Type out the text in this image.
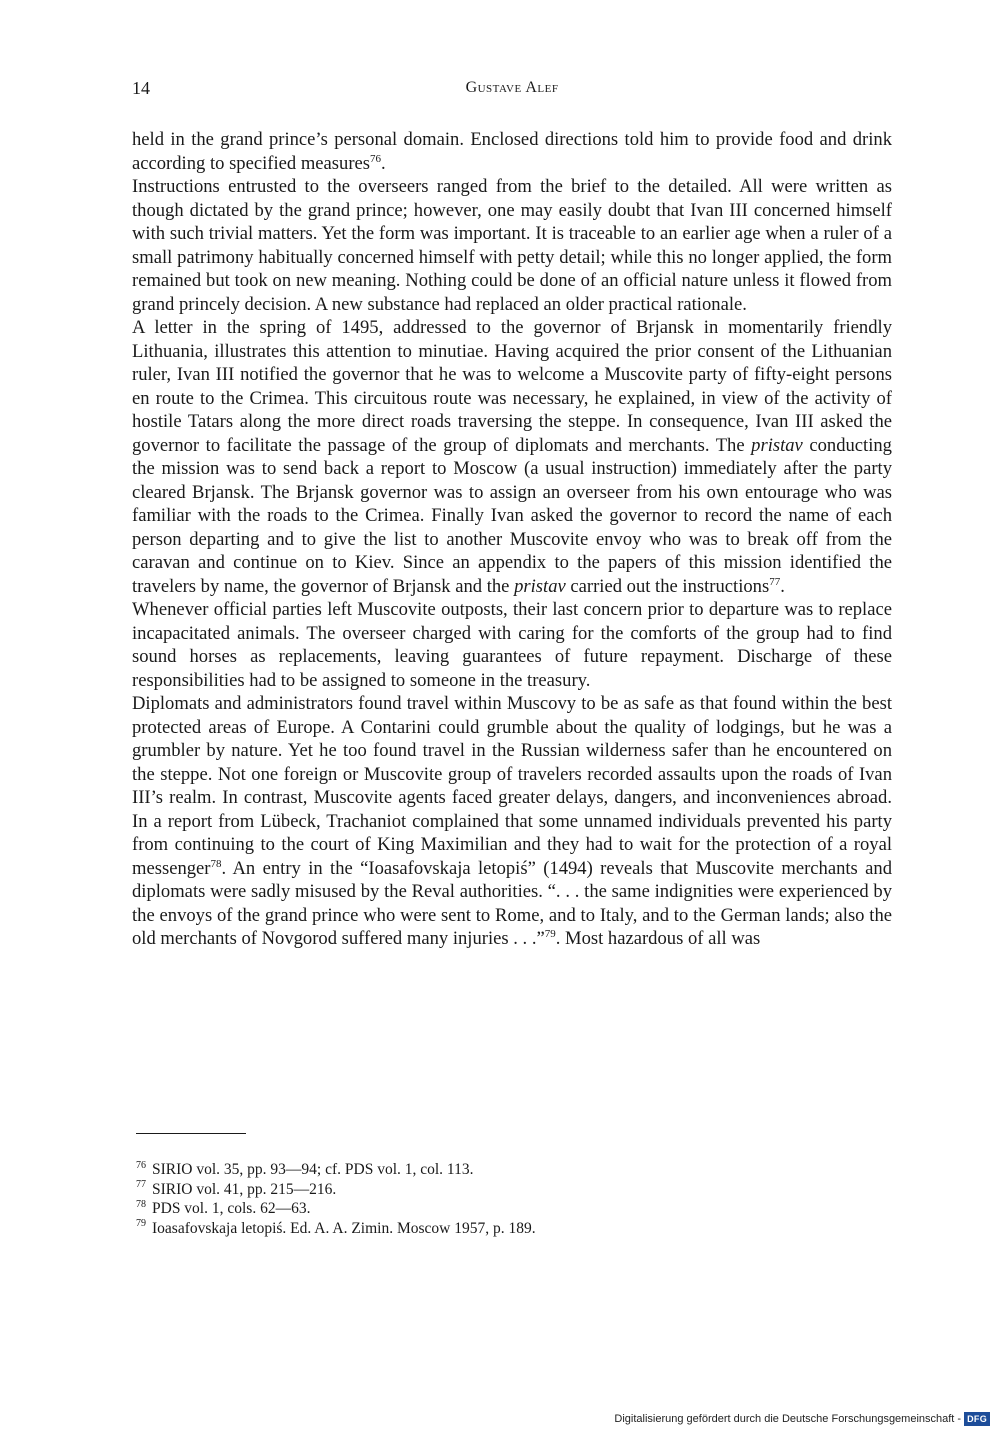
14	Gustave Alef

held in the grand prince’s personal domain. Enclosed directions told him to provide food and drink according to specified measures$^{76}$.

Instructions entrusted to the overseers ranged from the brief to the detailed. All were written as though dictated by the grand prince; however, one may easily doubt that Ivan III concerned himself with such trivial matters. Yet the form was important. It is traceable to an earlier age when a ruler of a small patrimony habitually concerned himself with petty detail; while this no longer applied, the form remained but took on new meaning. Nothing could be done of an official nature unless it flowed from grand princely decision. A new substance had replaced an older practical rationale.

A letter in the spring of 1495, addressed to the governor of Brjansk in momentarily friendly Lithuania, illustrates this attention to minutiae. Having acquired the prior consent of the Lithuanian ruler, Ivan III notified the governor that he was to welcome a Muscovite party of fifty-eight persons en route to the Crimea. This circuitous route was necessary, he explained, in view of the activity of hostile Tatars along the more direct roads traversing the steppe. In consequence, Ivan III asked the governor to facilitate the passage of the group of diplomats and merchants. The pristav conducting the mission was to send back a report to Moscow (a usual instruction) immediately after the party cleared Brjansk. The Brjansk governor was to assign an overseer from his own entourage who was familiar with the roads to the Crimea. Finally Ivan asked the governor to record the name of each person departing and to give the list to another Muscovite envoy who was to break off from the caravan and continue on to Kiev. Since an appendix to the papers of this mission identified the travelers by name, the governor of Brjansk and the pristav carried out the instructions$^{77}$.

Whenever official parties left Muscovite outposts, their last concern prior to departure was to replace incapacitated animals. The overseer charged with caring for the comforts of the group had to find sound horses as replacements, leaving guarantees of future repayment. Discharge of these responsibilities had to be assigned to someone in the treasury.

Diplomats and administrators found travel within Muscovy to be as safe as that found within the best protected areas of Europe. A Contarini could grumble about the quality of lodgings, but he was a grumbler by nature. Yet he too found travel in the Russian wilderness safer than he encountered on the steppe. Not one foreign or Muscovite group of travelers recorded assaults upon the roads of Ivan III’s realm. In contrast, Muscovite agents faced greater delays, dangers, and inconveniences abroad. In a report from Lübeck, Trachaniot complained that some unnamed individuals prevented his party from continuing to the court of King Maximilian and they had to wait for the protection of a royal messenger$^{78}$. An entry in the “Ioasafovskaja letopiś” (1494) reveals that Muscovite merchants and diplomats were sadly misused by the Reval authorities. “. . . the same indignities were experienced by the envoys of the grand prince who were sent to Rome, and to Italy, and to the German lands; also the old merchants of Novgorod suffered many injuries . . .”$^{79}$. Most hazardous of all was

$^{76}$ SIRIO vol. 35, pp. 93—94; cf. PDS vol. 1, col. 113.

$^{77}$ SIRIO vol. 41, pp. 215—216.

$^{78}$ PDS vol. 1, cols. 62—63.

$^{79}$ Ioasafovskaja letopiś. Ed. A. A. Zimin. Moscow 1957, p. 189.

Digitalisierung gefördert durch die Deutsche Forschungsgemeinschaft - DFG
